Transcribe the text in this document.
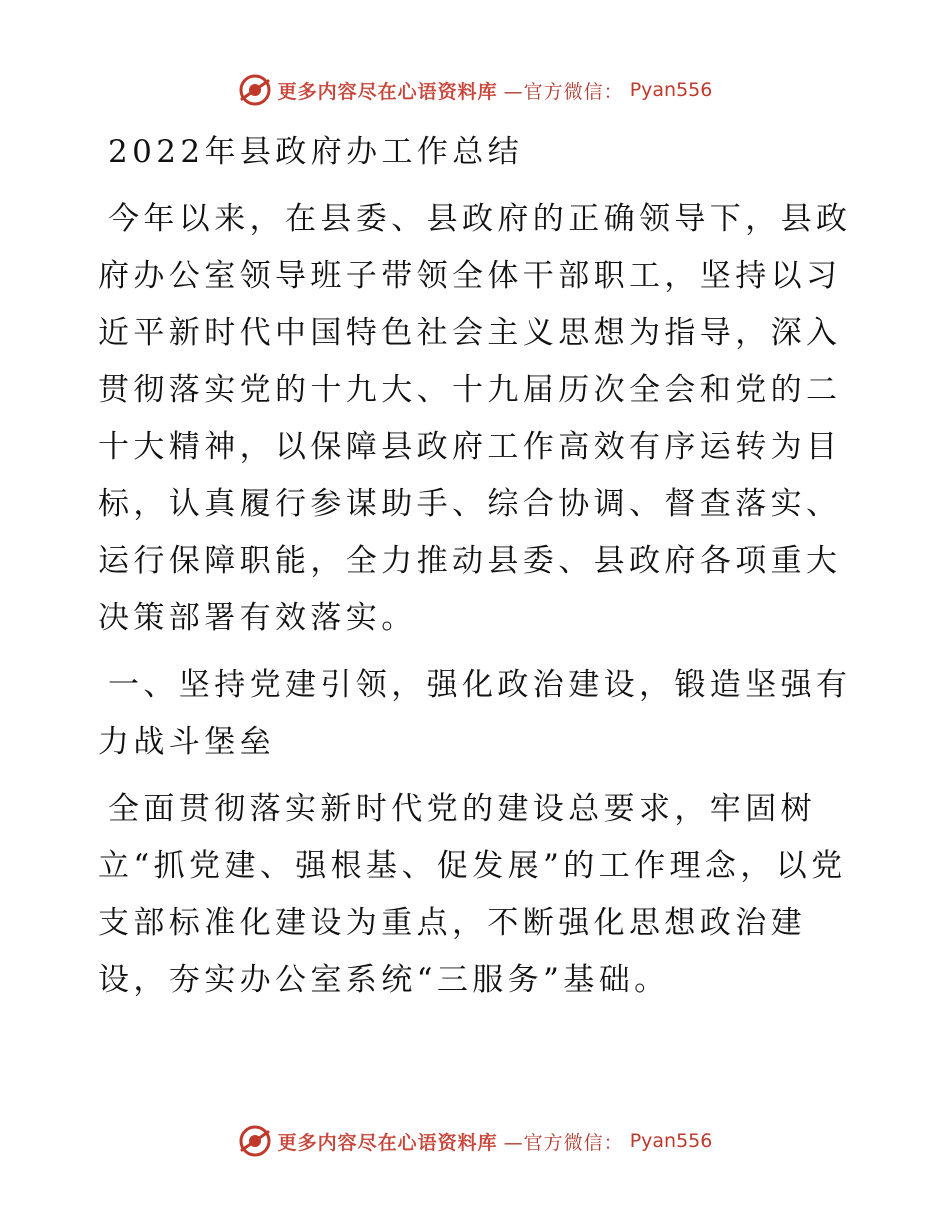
更多内容尽在心语资料库 —官方微信： Pyan556

2022年县政府办工作总结

今年以来，在县委、县政府的正确领导下，县政府办公室领导班子带领全体干部职工，坚持以习近平新时代中国特色社会主义思想为指导，深入贯彻落实党的十九大、十九届历次全会和党的二十大精神，以保障县政府工作高效有序运转为目标，认真履行参谋助手、综合协调、督查落实、运行保障职能，全力推动县委、县政府各项重大决策部署有效落实。

一、坚持党建引领，强化政治建设，锻造坚强有力战斗堡垒

全面贯彻落实新时代党的建设总要求，牢固树立“抓党建、强根基、促发展”的工作理念，以党支部标准化建设为重点，不断强化思想政治建设，夯实办公室系统“三服务”基础。

更多内容尽在心语资料库 —官方微信： Pyan556
